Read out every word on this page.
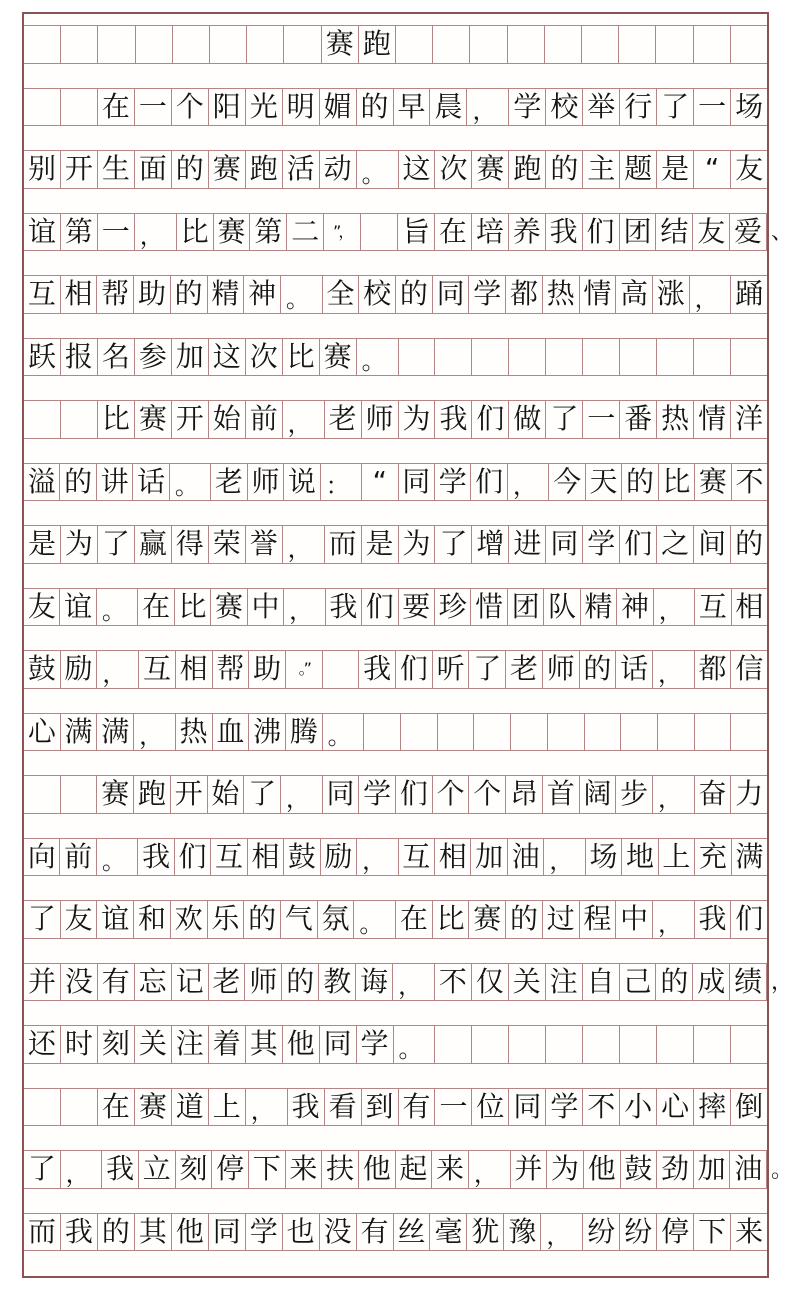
赛 跑
在 一 个 阳 光 明 媚 的 早 晨 ， 学 校 举 行 了 一 场
别 开 生 面 的 赛 跑 活 动 。 这 次 赛 跑 的 主 题 是 “ 友
谊 第 一 ， 比 赛 第 二 ”，	旨 在 培 养 我 们 团 结 友 爱 、
互 相 帮 助 的 精 神 。 全 校 的 同 学 都 热 情 高 涨 ， 踊
跃 报 名 参 加 这 次 比 赛 。
比 赛 开 始 前 ， 老 师 为 我 们 做 了 一 番 热 情 洋
溢 的 讲 话 。 老 师 说 ： “ 同 学 们 ， 今 天 的 比 赛 不
是 为 了 赢 得 荣 誉 ， 而 是 为 了 增 进 同 学 们 之 间 的
友 谊 。 在 比 赛 中 ， 我 们 要 珍 惜 团 队 精 神 ， 互 相
鼓 励 ， 互 相 帮 助	。”	我 们 听 了 老 师 的 话 ， 都 信
心 满 满 ， 热 血 沸 腾 。
赛 跑 开 始 了 ， 同 学 们 个 个 昂 首 阔 步 ， 奋 力
向 前 。 我 们 互 相 鼓 励 ， 互 相 加 油 ， 场 地 上 充 满
了 友 谊 和 欢 乐 的 气 氛 。 在 比 赛 的 过 程 中 ， 我 们
并 没 有 忘 记 老 师 的 教 诲 ， 不 仅 关 注 自 己 的 成 绩 ，
还 时 刻 关 注 着 其 他 同 学 。
在 赛 道 上 ， 我 看 到 有 一 位 同 学 不 小 心 摔 倒
了 ， 我 立 刻 停 下 来 扶 他 起 来 ， 并 为 他 鼓 劲 加 油 。
而 我 的 其 他 同 学 也 没 有 丝 毫 犹 豫 ， 纷 纷 停 下 来
